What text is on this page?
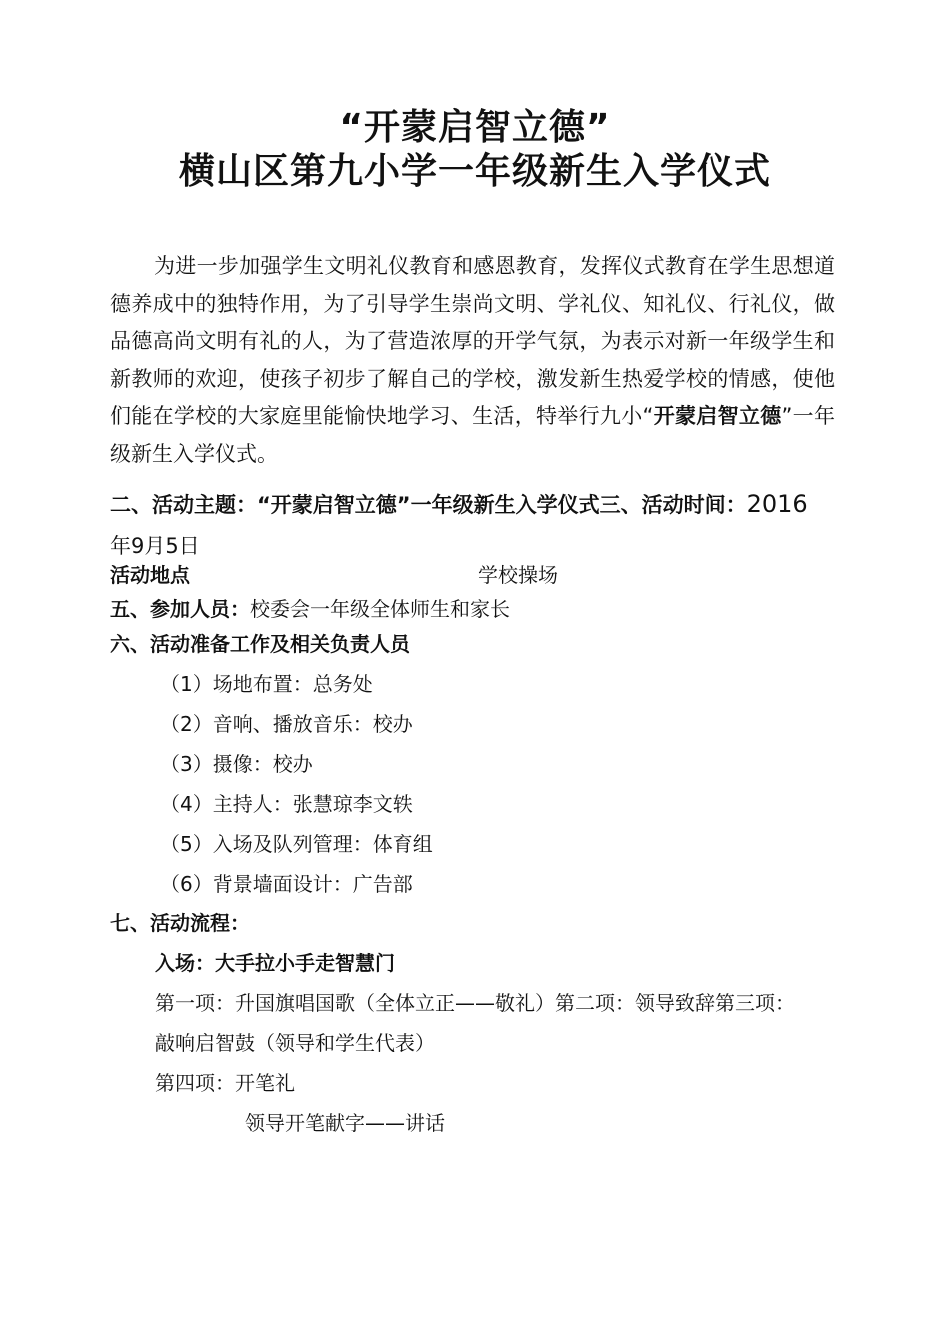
“开蒙启智立德”
横山区第九小学一年级新生入学仪式
为进一步加强学生文明礼仪教育和感恩教育，发挥仪式教育在学生思想道德养成中的独特作用，为了引导学生崇尚文明、学礼仪、知礼仪、行礼仪，做品德高尚文明有礼的人，为了营造浓厚的开学气氛，为表示对新一年级学生和新教师的欢迎，使孩子初步了解自己的学校，激发新生热爱学校的情感，使他们能在学校的大家庭里能愉快地学习、生活，特举行九小“开蒙启智立德”一年级新生入学仪式。
二、活动主题：“开蒙启智立德”一年级新生入学仪式三、活动时间：2016
年9月5日
活动地点	学校操场
五、参加人员：校委会一年级全体师生和家长
六、活动准备工作及相关负责人员
（1）场地布置：总务处
（2）音响、播放音乐：校办
（3）摄像：校办
（4）主持人：张慧琼李文轶
（5）入场及队列管理：体育组
（6）背景墙面设计：广告部
七、活动流程：
入场：大手拉小手走智慧门
第一项：升国旗唱国歌（全体立正——敬礼）第二项：领导致辞第三项：
敲响启智鼓（领导和学生代表）
第四项：开笔礼
领导开笔献字——讲话
